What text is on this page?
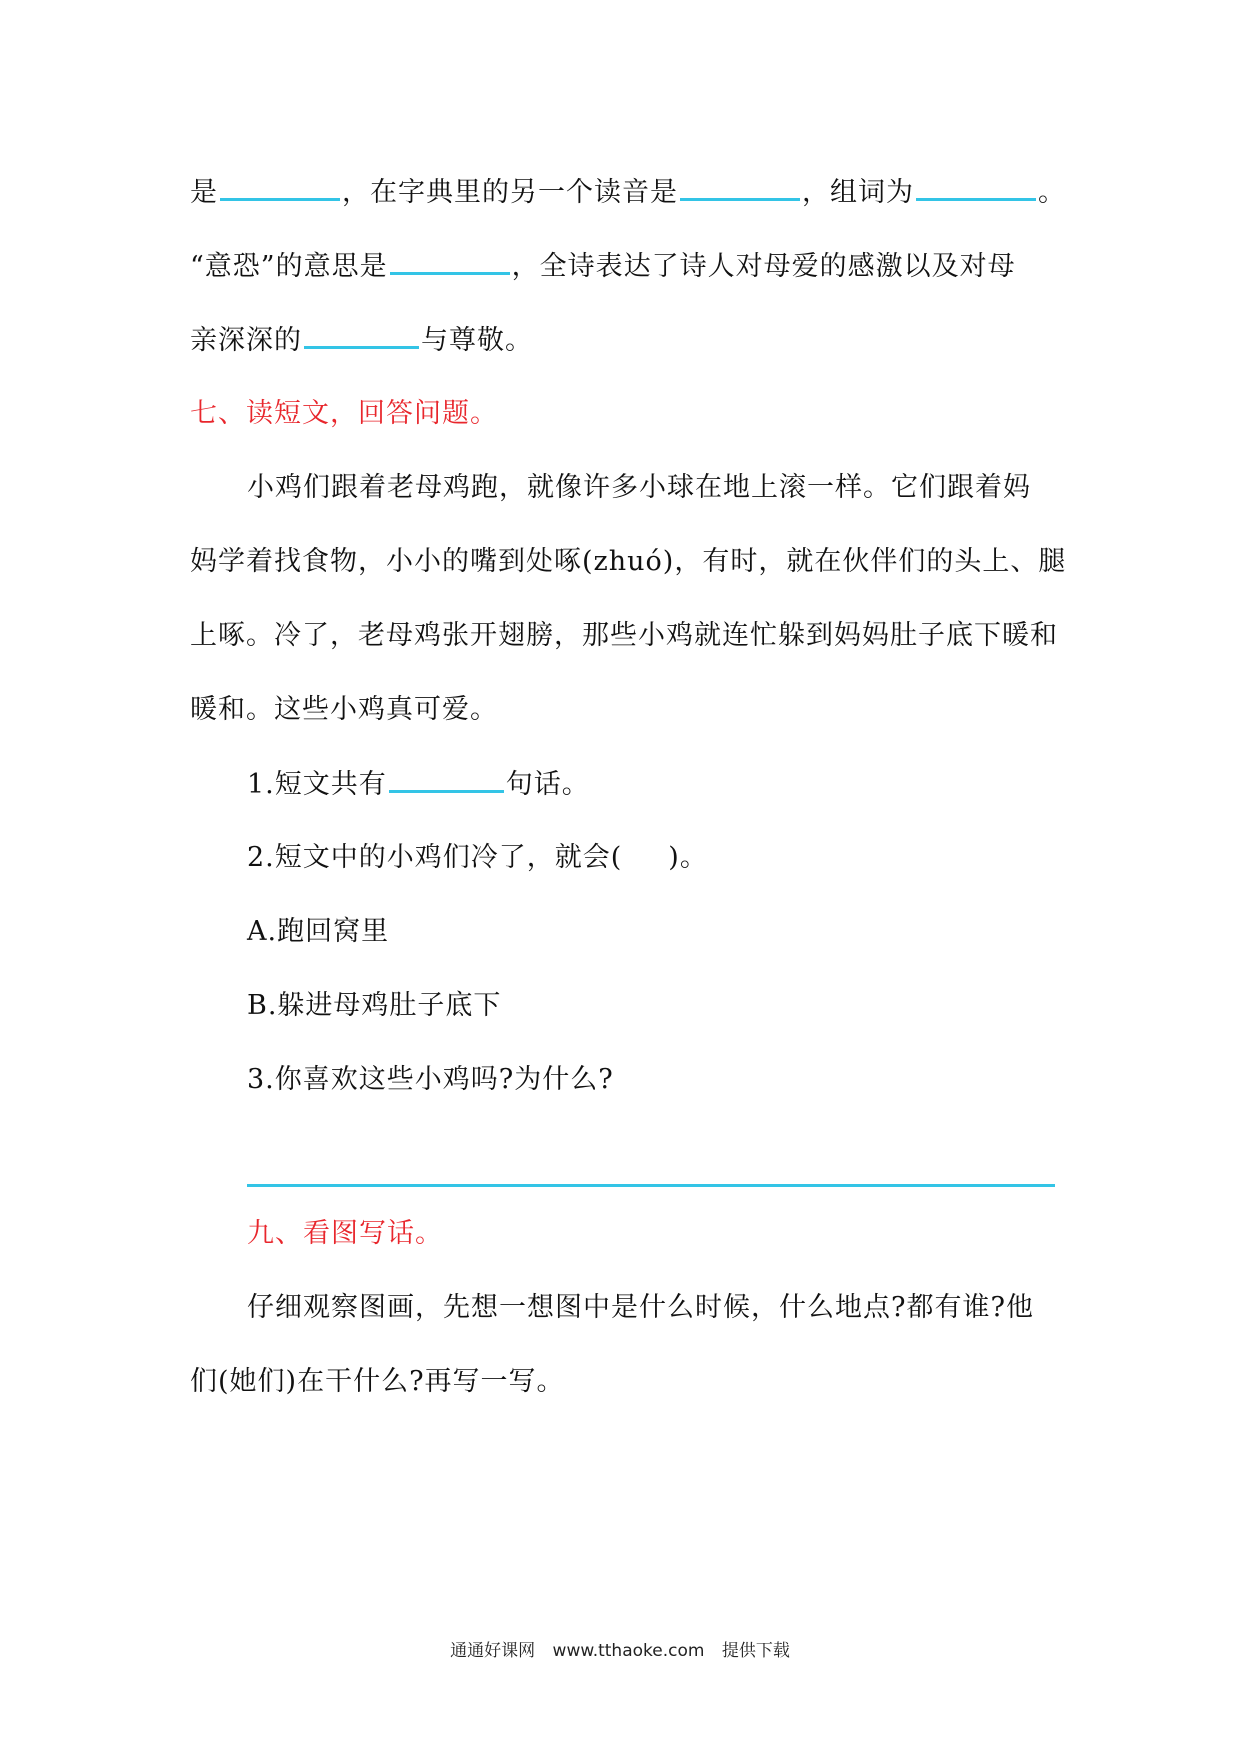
是	，在字典里的另一个读音是	，组词为	。
“意恐”的意思是	，全诗表达了诗人对母爱的感激以及对母
亲深深的	与尊敬。
七、读短文，回答问题。
小鸡们跟着老母鸡跑，就像许多小球在地上滚一样。它们跟着妈
妈学着找食物，小小的嘴到处啄(zhuó)，有时，就在伙伴们的头上、腿
上啄。冷了，老母鸡张开翅膀，那些小鸡就连忙躲到妈妈肚子底下暖和
暖和。这些小鸡真可爱。
1.短文共有	句话。
2.短文中的小鸡们冷了，就会( )。
A.跑回窝里
B.躲进母鸡肚子底下
3.你喜欢这些小鸡吗?为什么?
九、看图写话。
仔细观察图画，先想一想图中是什么时候，什么地点?都有谁?他
们(她们)在干什么?再写一写。
通通好课网 www.tthaoke.com 提供下载
